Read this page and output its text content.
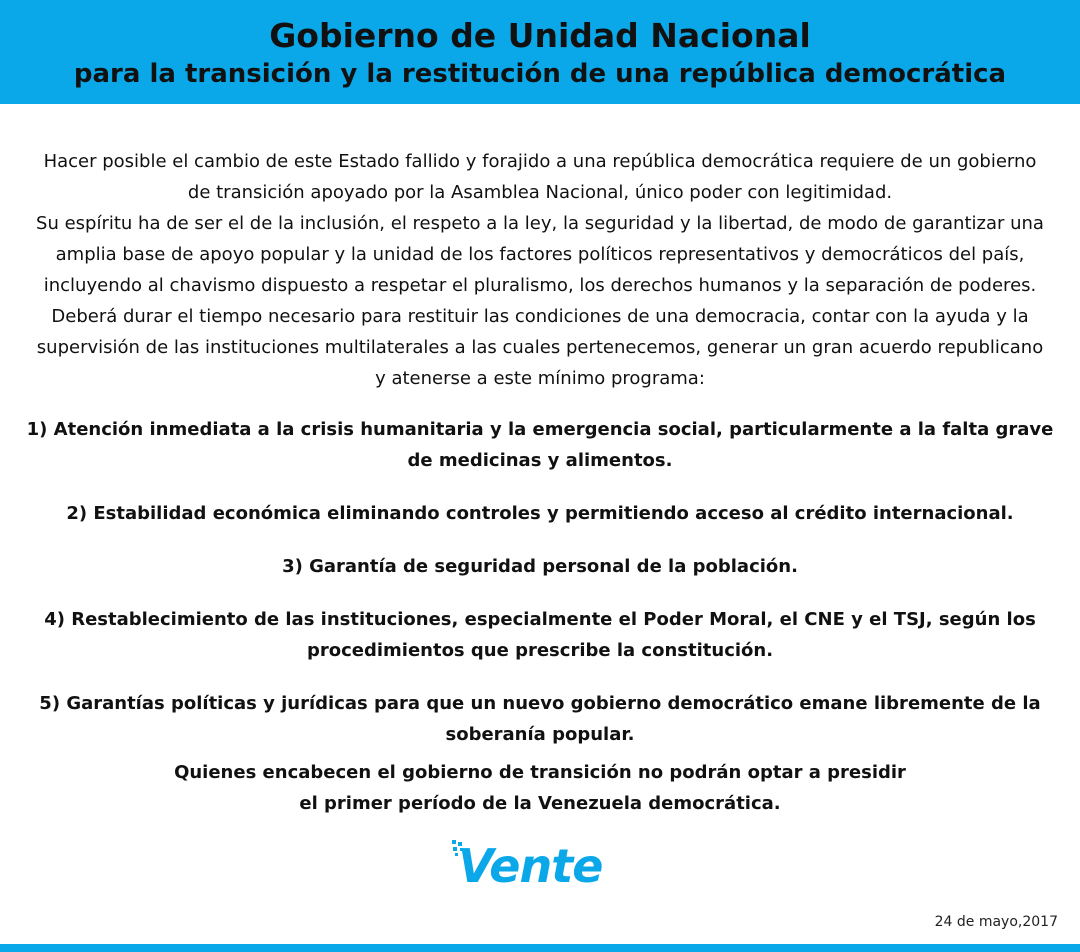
Gobierno de Unidad Nacional
para la transición y la restitución de una república democrática

Hacer posible el cambio de este Estado fallido y forajido a una república democrática requiere de un gobierno de transición apoyado por la Asamblea Nacional, único poder con legitimidad.

Su espíritu ha de ser el de la inclusión, el respeto a la ley, la seguridad y la libertad, de modo de garantizar una amplia base de apoyo popular y la unidad de los factores políticos representativos y democráticos del país, incluyendo al chavismo dispuesto a respetar el pluralismo, los derechos humanos y la separación de poderes. Deberá durar el tiempo necesario para restituir las condiciones de una democracia, contar con la ayuda y la supervisión de las instituciones multilaterales a las cuales pertenecemos, generar un gran acuerdo republicano y atenerse a este mínimo programa:

1) Atención inmediata a la crisis humanitaria y la emergencia social, particularmente a la falta grave
de medicinas y alimentos.
2) Estabilidad económica eliminando controles y permitiendo acceso al crédito internacional.
3) Garantía de seguridad personal de la población.
4) Restablecimiento de las instituciones, especialmente el Poder Moral, el CNE y el TSJ, según los
procedimientos que prescribe la constitución.
5) Garantías políticas y jurídicas para que un nuevo gobierno democrático emane libremente de la
soberanía popular.

Quienes encabecen el gobierno de transición no podrán optar a presidir
el primer período de la Venezuela democrática.

Vente
24 de mayo,2017
